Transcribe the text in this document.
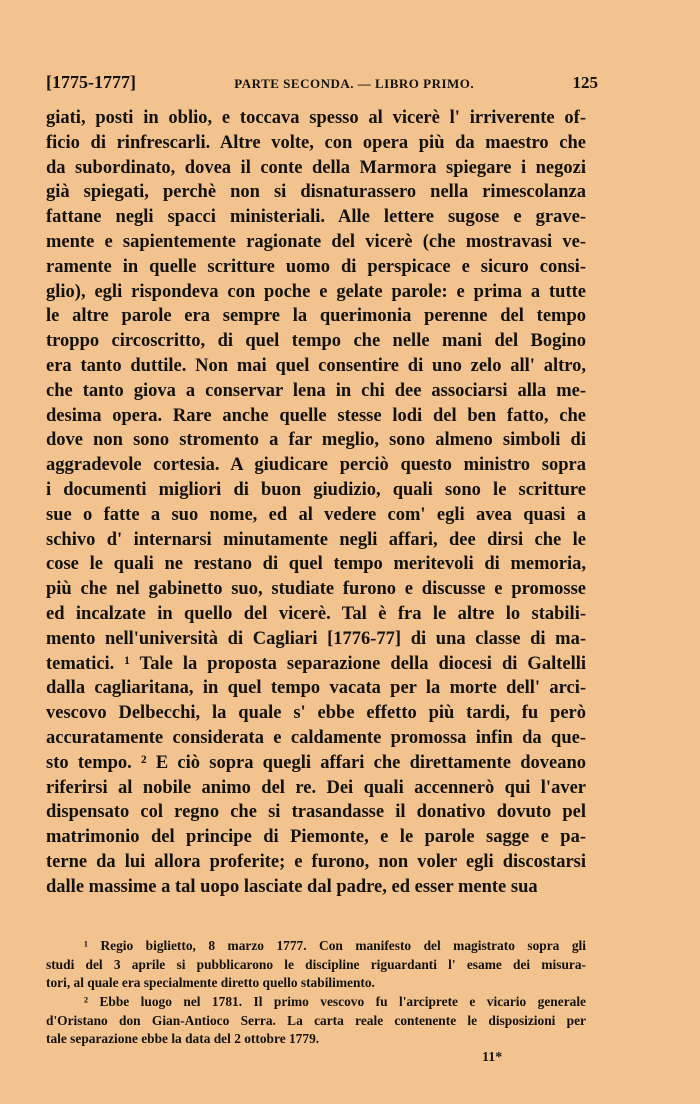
[1775-1777]	PARTE SECONDA. — LIBRO PRIMO.	125
giati, posti in oblio, e toccava spesso al vicerè l' irriverente of-
ficio di rinfrescarli. Altre volte, con opera più da maestro che
da subordinato, dovea il conte della Marmora spiegare i negozi
già spiegati, perchè non si disnaturassero nella rimescolanza
fattane negli spacci ministeriali. Alle lettere sugose e grave-
mente e sapientemente ragionate del vicerè (che mostravasi ve-
ramente in quelle scritture uomo di perspicace e sicuro consi-
glio), egli rispondeva con poche e gelate parole: e prima a tutte
le altre parole era sempre la querimonia perenne del tempo
troppo circoscritto, di quel tempo che nelle mani del Bogino
era tanto duttile. Non mai quel consentire di uno zelo all' altro,
che tanto giova a conservar lena in chi dee associarsi alla me-
desima opera. Rare anche quelle stesse lodi del ben fatto, che
dove non sono stromento a far meglio, sono almeno simboli di
aggradevole cortesia. A giudicare perciò questo ministro sopra
i documenti migliori di buon giudizio, quali sono le scritture
sue o fatte a suo nome, ed al vedere com' egli avea quasi a
schivo d' internarsi minutamente negli affari, dee dirsi che le
cose le quali ne restano di quel tempo meritevoli di memoria,
più che nel gabinetto suo, studiate furono e discusse e promosse
ed incalzate in quello del vicerè. Tal è fra le altre lo stabili-
mento nell'università di Cagliari [1776-77] di una classe di ma-
tematici. ¹ Tale la proposta separazione della diocesi di Galtelli
dalla cagliaritana, in quel tempo vacata per la morte dell' arci-
vescovo Delbecchi, la quale s' ebbe effetto più tardi, fu però
accuratamente considerata e caldamente promossa infin da que-
sto tempo. ² E ciò sopra quegli affari che direttamente doveano
riferirsi al nobile animo del re. Dei quali accennerò qui l'aver
dispensato col regno che si trasandasse il donativo dovuto pel
matrimonio del principe di Piemonte, e le parole sagge e pa-
terne da lui allora proferite; e furono, non voler egli discostarsi
dalle massime a tal uopo lasciate dal padre, ed esser mente sua
¹ Regio biglietto, 8 marzo 1777. Con manifesto del magistrato sopra gli
studi del 3 aprile si pubblicarono le discipline riguardanti l' esame dei misura-
tori, al quale era specialmente diretto quello stabilimento.
² Ebbe luogo nel 1781. Il primo vescovo fu l'arciprete e vicario generale
d'Oristano don Gian-Antioco Serra. La carta reale contenente le disposizioni per
tale separazione ebbe la data del 2 ottobre 1779.
11*
